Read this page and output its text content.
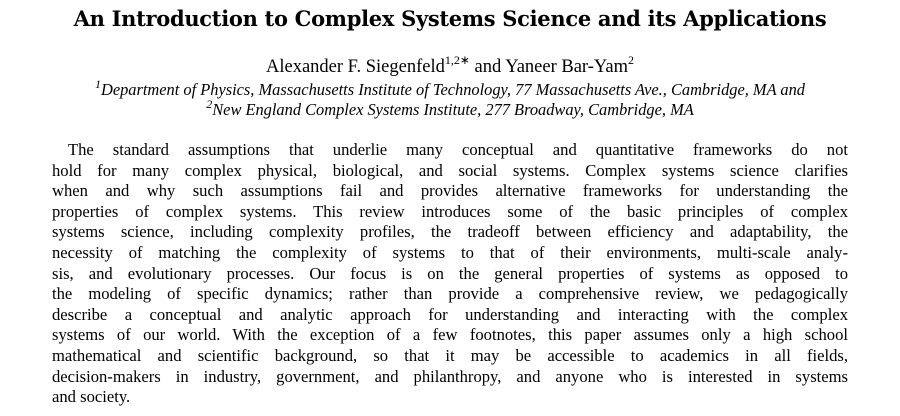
An Introduction to Complex Systems Science and its Applications
Alexander F. Siegenfeld$^{1,2∗}$ and Yaneer Bar-Yam$^2$
$^1$Department of Physics, Massachusetts Institute of Technology, 77 Massachusetts Ave., Cambridge, MA and
$^2$New England Complex Systems Institute, 277 Broadway, Cambridge, MA
The standard assumptions that underlie many conceptual and quantitative frameworks do not
hold for many complex physical, biological, and social systems. Complex systems science clarifies
when and why such assumptions fail and provides alternative frameworks for understanding the
properties of complex systems. This review introduces some of the basic principles of complex
systems science, including complexity profiles, the tradeoff between efficiency and adaptability, the
necessity of matching the complexity of systems to that of their environments, multi-scale analy-
sis, and evolutionary processes. Our focus is on the general properties of systems as opposed to
the modeling of specific dynamics; rather than provide a comprehensive review, we pedagogically
describe a conceptual and analytic approach for understanding and interacting with the complex
systems of our world. With the exception of a few footnotes, this paper assumes only a high school
mathematical and scientific background, so that it may be accessible to academics in all fields,
decision-makers in industry, government, and philanthropy, and anyone who is interested in systems
and society.
